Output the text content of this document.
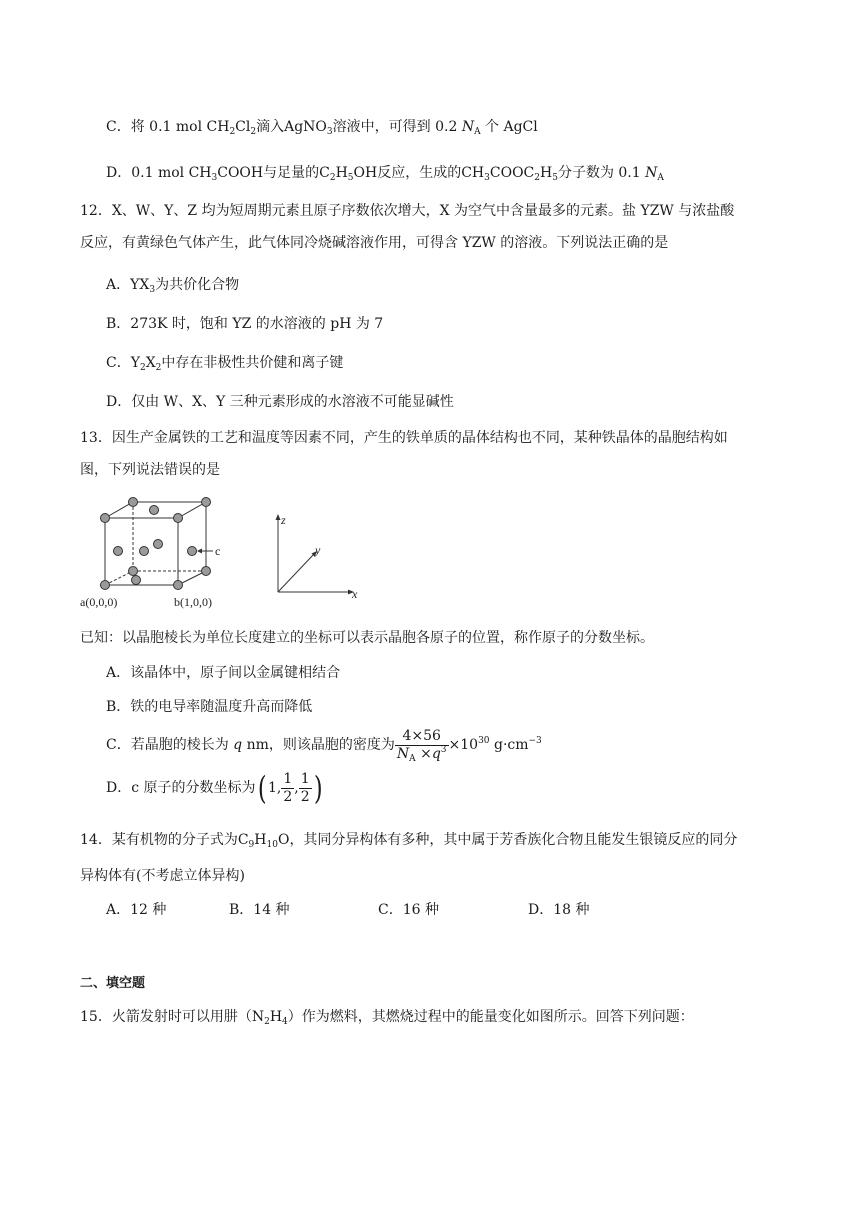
C．将 0.1 mol $CH_2Cl_2$滴入AgNO$_3$溶液中，可得到 0.2 $N_A$ 个 AgCl
D．0.1 mol $CH_3COOH$与足量的$C_2H_5OH$反应，生成的$CH_3COOC_2H_5$分子数为 0.1 $N_A$
12．X、W、Y、Z 均为短周期元素且原子序数依次增大，X 为空气中含量最多的元素。盐 YZW 与浓盐酸
反应，有黄绿色气体产生，此气体同冷烧碱溶液作用，可得含 YZW 的溶液。下列说法正确的是
A．$YX_3$为共价化合物
B．273K 时，饱和 YZ 的水溶液的 pH 为 7
C．$Y_2X_2$中存在非极性共价健和离子键
D．仅由 W、X、Y 三种元素形成的水溶液不可能显碱性
13．因生产金属铁的工艺和温度等因素不同，产生的铁单质的晶体结构也不同，某种铁晶体的晶胞结构如
图，下列说法错误的是
c
a(0,0,0)	b(1,0,0)
z
y
x
已知：以晶胞棱长为单位长度建立的坐标可以表示晶胞各原子的位置，称作原子的分数坐标。
A．该晶体中，原子间以金属键相结合
B．铁的电导率随温度升高而降低
C．若晶胞的棱长为 q nm，则该晶胞的密度为 $\frac{4\times 56}{N_A \times q^3} \times 10^{30}$ $g\cdot cm^{-3}$
D．c 原子的分数坐标为( 1, $\frac{1}{2}$ , $\frac{1}{2}$ )
14．某有机物的分子式为$C_9H_{10}O$，其同分异构体有多种，其中属于芳香族化合物且能发生银镜反应的同分
异构体有(不考虑立体异构)
A．12 种	B．14 种	C．16 种	D．18 种
二、填空题
15．火箭发射时可以用肼$(N_2H_4)$作为燃料，其燃烧过程中的能量变化如图所示。回答下列问题：
